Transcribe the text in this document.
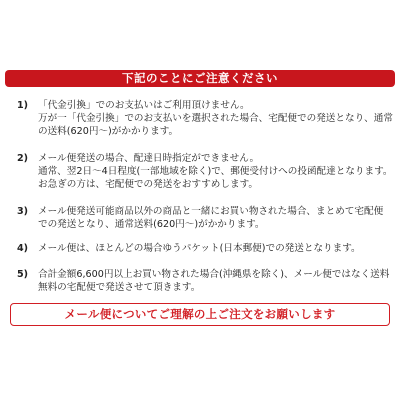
下記のことにご注意ください
1) 「代金引換」でのお支払いはご利用頂けません。
万が一「代金引換」でのお支払いを選択された場合、宅配便での発送となり、通常
の送料(620円〜)がかかります。
2) メール便発送の場合、配達日時指定ができません。
通常、翌2日〜4日程度(一部地域を除く)で、郵便受付けへの投函配達となります。
お急ぎの方は、宅配便での発送をおすすめします。
3) メール便発送可能商品以外の商品と一緒にお買い物された場合、まとめて宅配便
での発送となり、通常送料(620円〜)がかかります。
4) メール便は、ほとんどの場合ゆうパケット(日本郵便)での発送となります。
5) 合計金額6,600円以上お買い物された場合(沖縄県を除く)、メール便ではなく送料
無料の宅配便で発送させて頂きます。
メール便についてご理解の上ご注文をお願いします
